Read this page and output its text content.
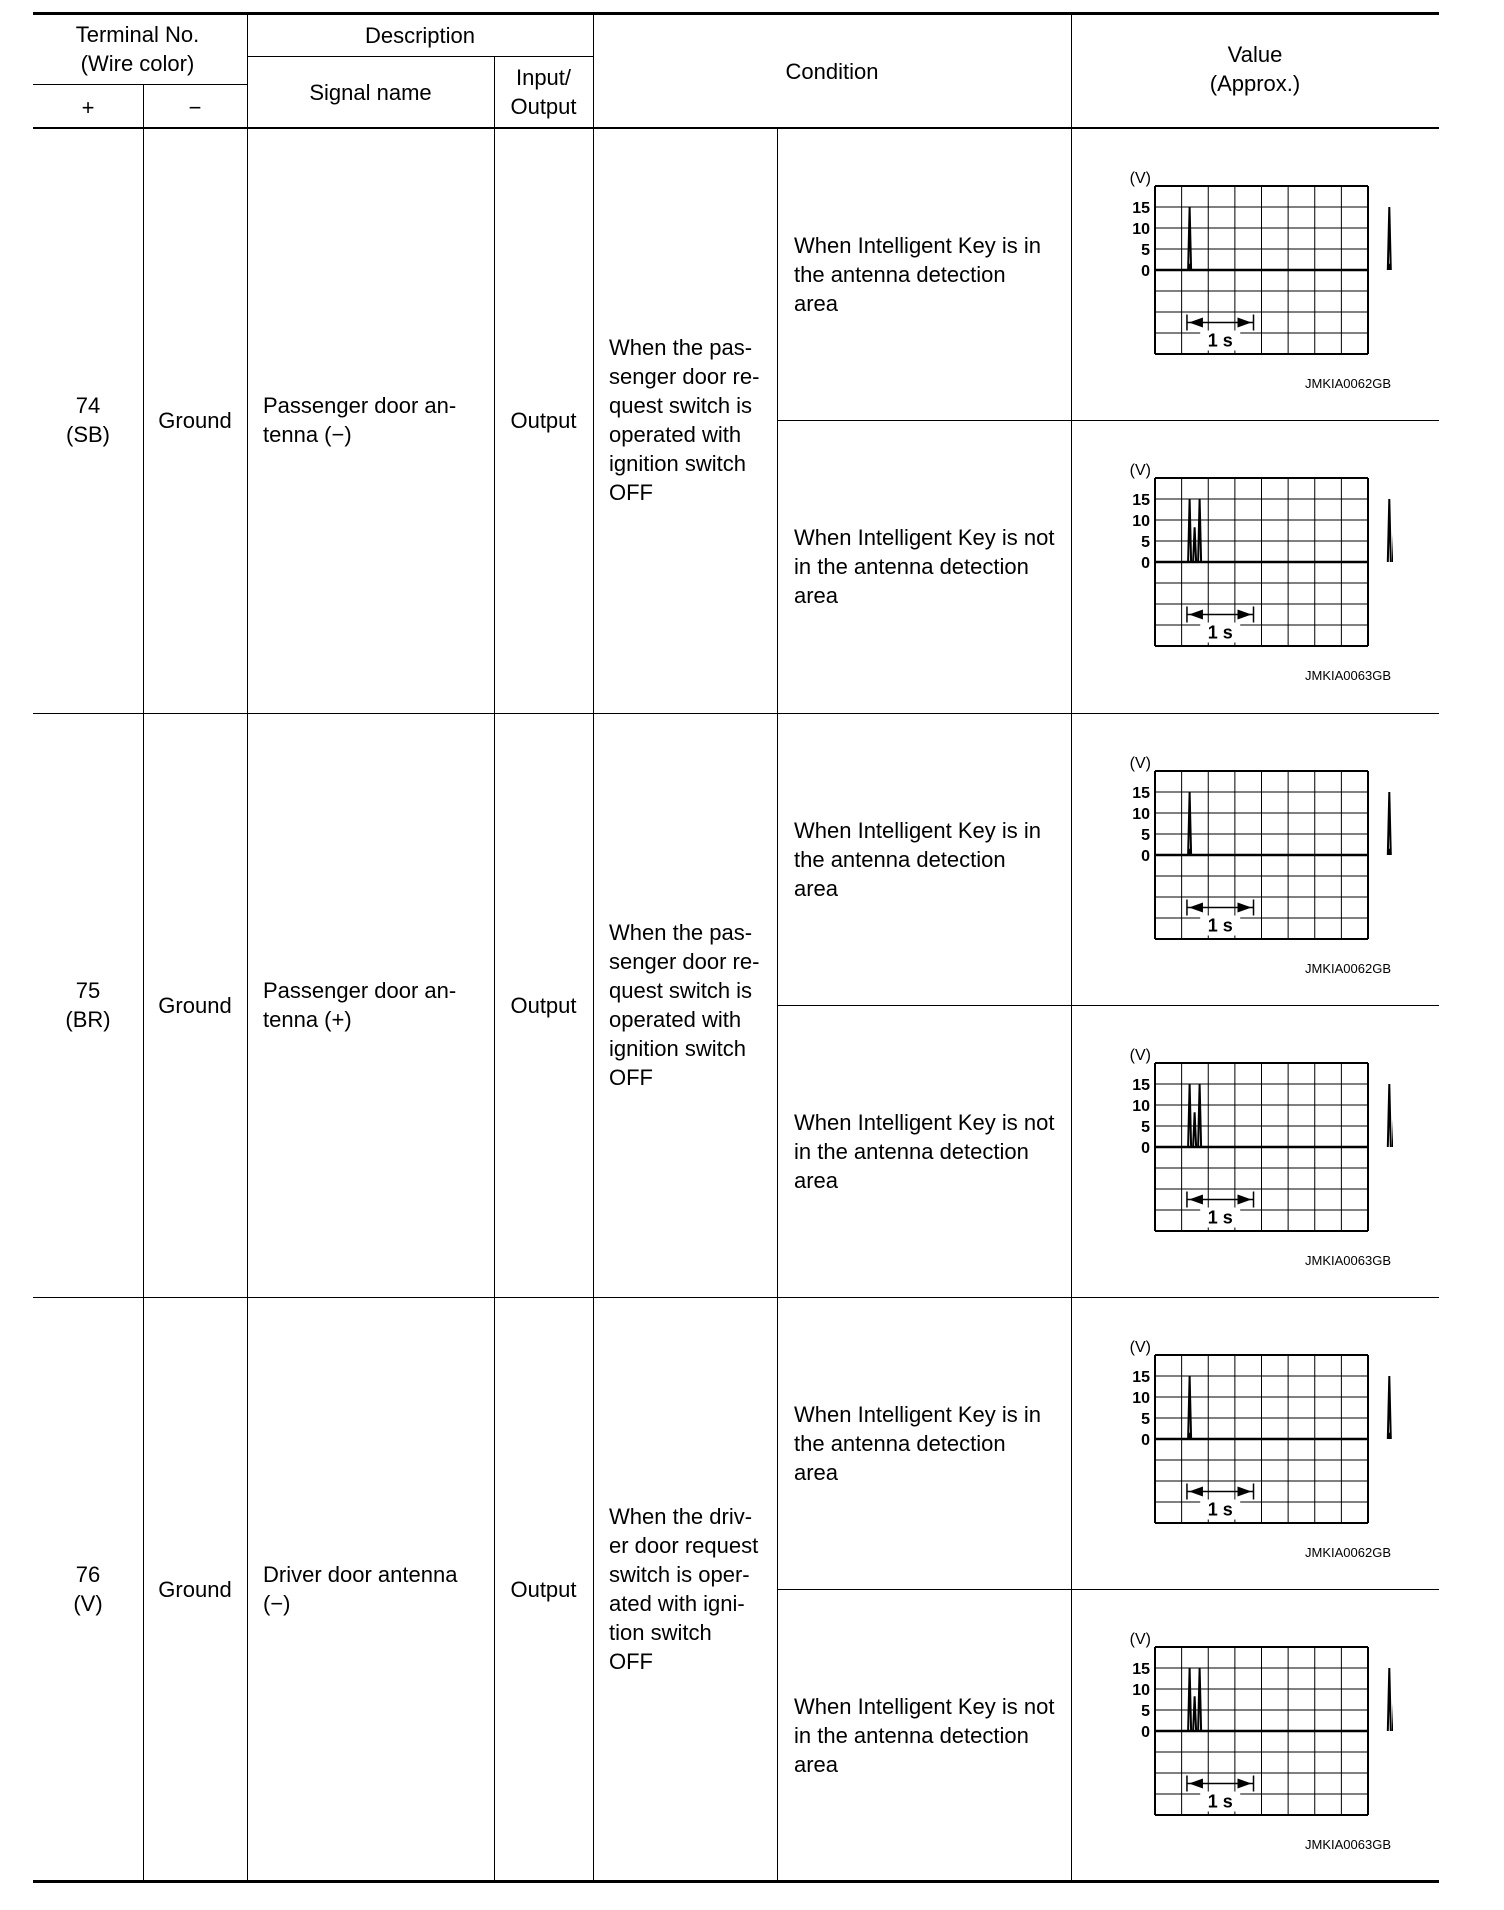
Terminal No.
(Wire color)
+	−
Description
Signal name
Input/
Output
Condition
Value
(Approx.)
74
(SB)
Ground
Passenger door an-
tenna (−)
Output
When the pas-
senger door re-
quest switch is
operated with
ignition switch
OFF
When Intelligent Key is in
the antenna detection
area
(V)
15
10
5
0
1 s
JMKIA0062GB
When Intelligent Key is not
in the antenna detection
area
(V)
15
10
5
0
1 s
JMKIA0063GB
75
(BR)
Ground
Passenger door an-
tenna (+)
Output
When the pas-
senger door re-
quest switch is
operated with
ignition switch
OFF
When Intelligent Key is in
the antenna detection
area
(V)
15
10
5
0
1 s
JMKIA0062GB
When Intelligent Key is not
in the antenna detection
area
(V)
15
10
5
0
1 s
JMKIA0063GB
76
(V)
Ground
Driver door antenna
(−)
Output
When the driv-
er door request
switch is oper-
ated with igni-
tion switch
OFF
When Intelligent Key is in
the antenna detection
area
(V)
15
10
5
0
1 s
JMKIA0062GB
When Intelligent Key is not
in the antenna detection
area
(V)
15
10
5
0
1 s
JMKIA0063GB
